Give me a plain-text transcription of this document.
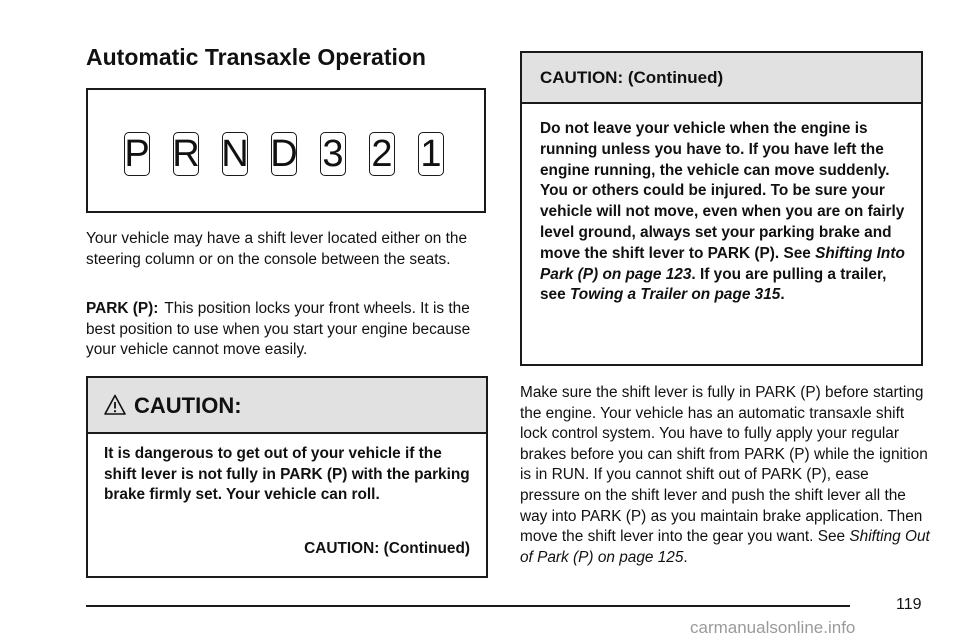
Automatic Transaxle Operation
P R N D 3 2 1
Your vehicle may have a shift lever located either on the steering column or on the console between the seats.
PARK (P): This position locks your front wheels. It is the best position to use when you start your engine because your vehicle cannot move easily.
CAUTION:
It is dangerous to get out of your vehicle if the shift lever is not fully in PARK (P) with the parking brake firmly set. Your vehicle can roll.
CAUTION: (Continued)
CAUTION: (Continued)
Do not leave your vehicle when the engine is running unless you have to. If you have left the engine running, the vehicle can move suddenly. You or others could be injured. To be sure your vehicle will not move, even when you are on fairly level ground, always set your parking brake and move the shift lever to PARK (P). See Shifting Into Park (P) on page 123. If you are pulling a trailer, see Towing a Trailer on page 315.
Make sure the shift lever is fully in PARK (P) before starting the engine. Your vehicle has an automatic transaxle shift lock control system. You have to fully apply your regular brakes before you can shift from PARK (P) while the ignition is in RUN. If you cannot shift out of PARK (P), ease pressure on the shift lever and push the shift lever all the way into PARK (P) as you maintain brake application. Then move the shift lever into the gear you want. See Shifting Out of Park (P) on page 125.
119
carmanualsonline.info
